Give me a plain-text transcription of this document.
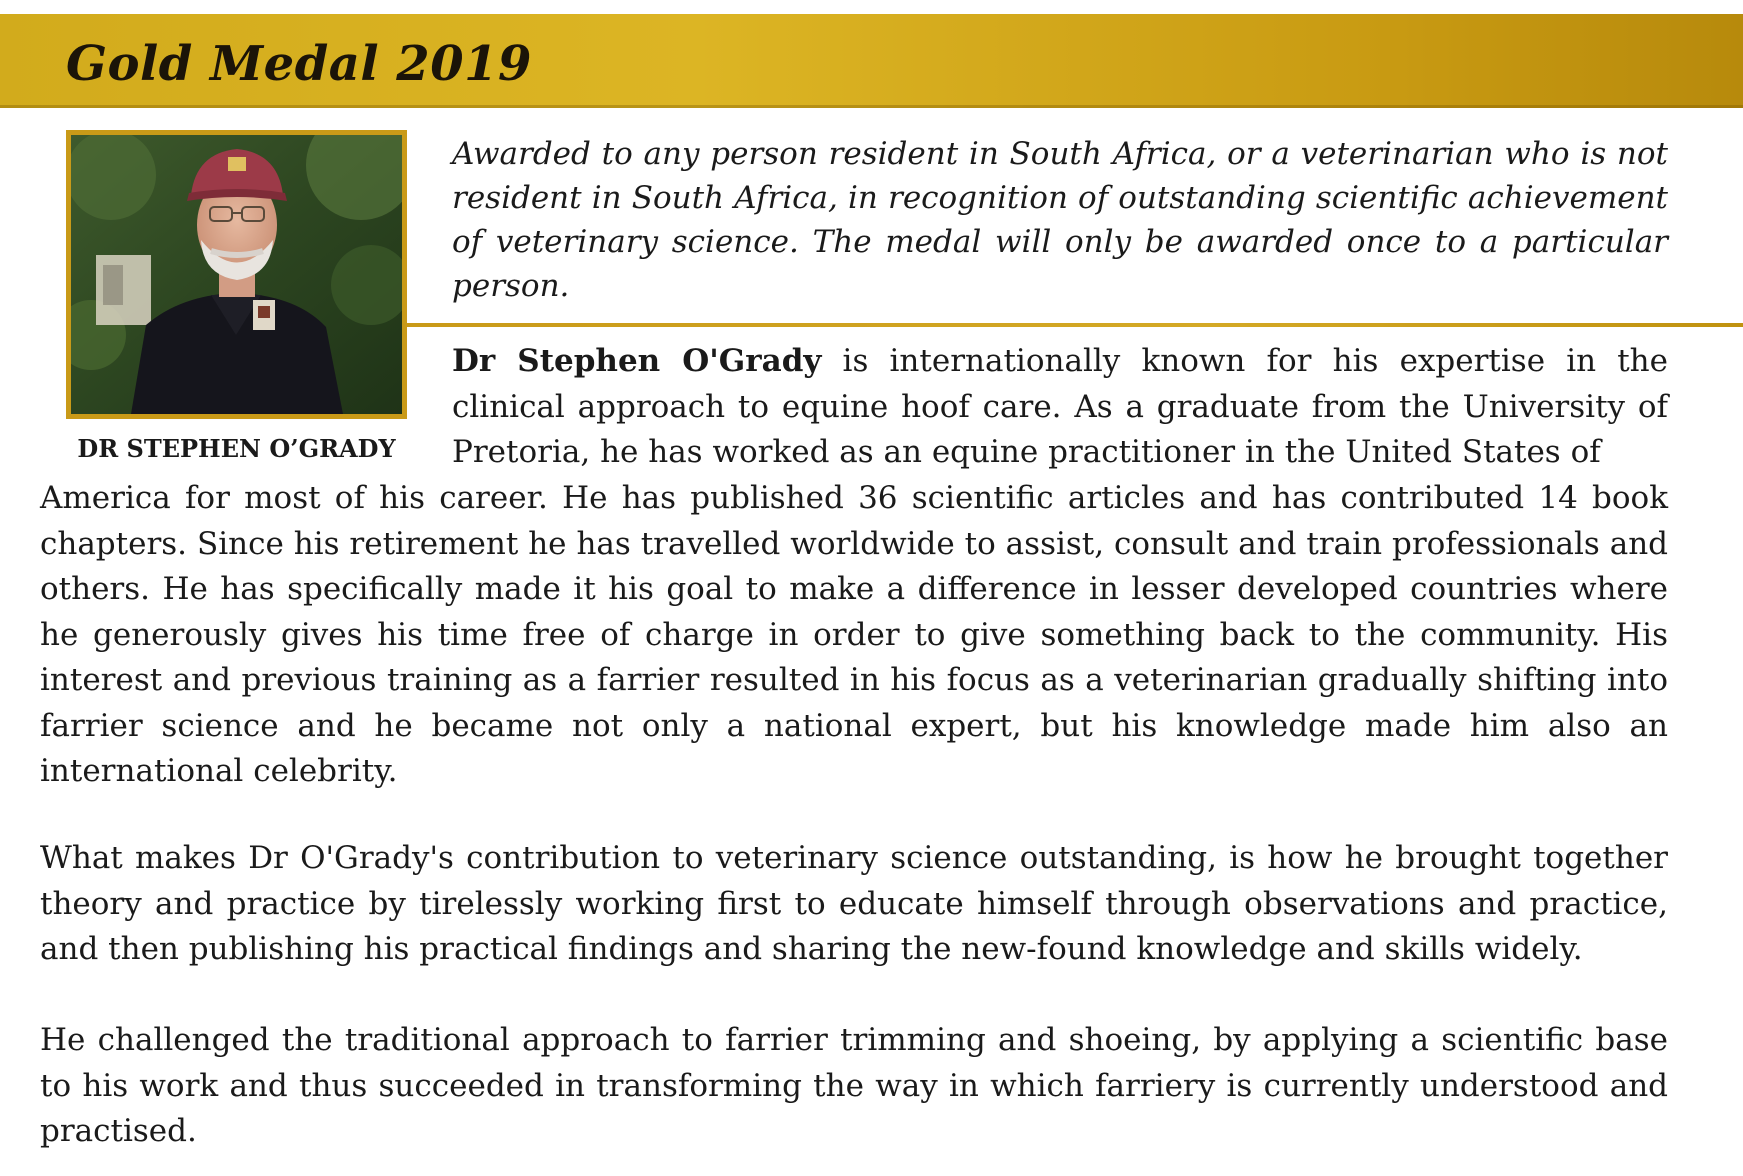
Gold Medal 2019
DR STEPHEN O’GRADY
Awarded to any person resident in South Africa, or a veterinarian who is not resident in South Africa, in recognition of outstanding scientific achievement of veterinary science. The medal will only be awarded once to a particular person.
Dr Stephen O'Grady is internationally known for his expertise in the clinical approach to equine hoof care. As a graduate from the University of Pretoria, he has worked as an equine practitioner in the United States of
America for most of his career. He has published 36 scientific articles and has contributed 14 book chapters. Since his retirement he has travelled worldwide to assist, consult and train professionals and others. He has specifically made it his goal to make a difference in lesser developed countries where he generously gives his time free of charge in order to give something back to the community. His interest and previous training as a farrier resulted in his focus as a veterinarian gradually shifting into farrier science and he became not only a national expert, but his knowledge made him also an international celebrity.
What makes Dr O'Grady's contribution to veterinary science outstanding, is how he brought together theory and practice by tirelessly working first to educate himself through observations and practice, and then publishing his practical findings and sharing the new-found knowledge and skills widely.
He challenged the traditional approach to farrier trimming and shoeing, by applying a scientific base to his work and thus succeeded in transforming the way in which farriery is currently understood and practised.
